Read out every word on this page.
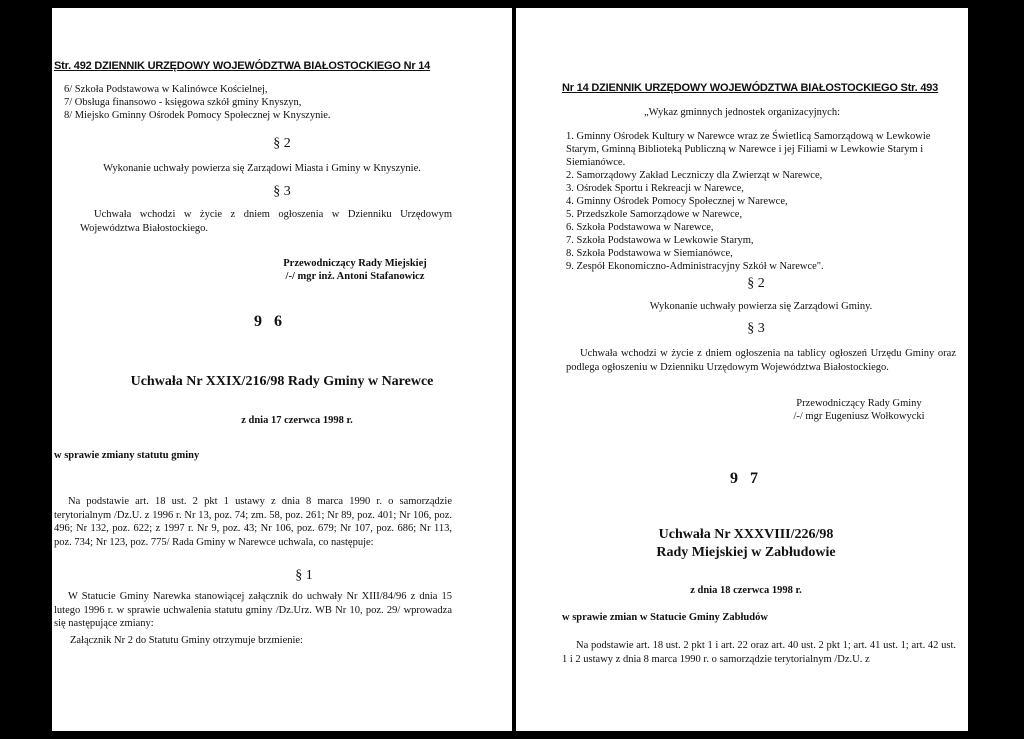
Str. 492 DZIENNIK URZĘDOWY WOJEWÓDZTWA BIAŁOSTOCKIEGO Nr 14
6/ Szkoła Podstawowa w Kalinówce Kościelnej,
7/ Obsługa finansowo - księgowa szkół gminy Knyszyn,
8/ Miejsko Gminny Ośrodek Pomocy Społecznej w Knyszynie.
§ 2
Wykonanie uchwały powierza się Zarządowi Miasta i Gminy w Knyszynie.
§ 3
Uchwała wchodzi w życie z dniem ogłoszenia w Dzienniku Urzędowym Województwa Białostockiego.
Przewodniczący Rady Miejskiej
/-/ mgr inż. Antoni Stafanowicz
9 6
Uchwała Nr XXIX/216/98 Rady Gminy w Narewce
z dnia 17 czerwca 1998 r.
w sprawie zmiany statutu gminy
Na podstawie art. 18 ust. 2 pkt 1 ustawy z dnia 8 marca 1990 r. o samorządzie terytorialnym /Dz.U. z 1996 r. Nr 13, poz. 74; zm. 58, poz. 261; Nr 89, poz. 401; Nr 106, poz. 496; Nr 132, poz. 622; z 1997 r. Nr 9, poz. 43; Nr 106, poz. 679; Nr 107, poz. 686; Nr 113, poz. 734; Nr 123, poz. 775/ Rada Gminy w Narewce uchwala, co następuje:
§ 1
W Statucie Gminy Narewka stanowiącej załącznik do uchwały Nr XIII/84/96 z dnia 15 lutego 1996 r. w sprawie uchwalenia statutu gminy /Dz.Urz. WB Nr 10, poz. 29/ wprowadza się następujące zmiany:
Załącznik Nr 2 do Statutu Gminy otrzymuje brzmienie:
Nr 14 DZIENNIK URZĘDOWY WOJEWÓDZTWA BIAŁOSTOCKIEGO Str. 493
„Wykaz gminnych jednostek organizacyjnych:
1. Gminny Ośrodek Kultury w Narewce wraz ze Świetlicą Samorządową w Lewkowie Starym, Gminną Biblioteką Publiczną w Narewce i jej Filiami w Lewkowie Starym i Siemianówce.
2. Samorządowy Zakład Leczniczy dla Zwierząt w Narewce,
3. Ośrodek Sportu i Rekreacji w Narewce,
4. Gminny Ośrodek Pomocy Społecznej w Narewce,
5. Przedszkole Samorządowe w Narewce,
6. Szkoła Podstawowa w Narewce,
7. Szkoła Podstawowa w Lewkowie Starym,
8. Szkoła Podstawowa w Siemianówce,
9. Zespół Ekonomiczno-Administracyjny Szkół w Narewce".
§ 2
Wykonanie uchwały powierza się Zarządowi Gminy.
§ 3
Uchwała wchodzi w życie z dniem ogłoszenia na tablicy ogłoszeń Urzędu Gminy oraz podlega ogłoszeniu w Dzienniku Urzędowym Województwa Białostockiego.
Przewodniczący Rady Gminy
/-/ mgr Eugeniusz Wołkowycki
9 7
Uchwała Nr XXXVIII/226/98
Rady Miejskiej w Zabłudowie
z dnia 18 czerwca 1998 r.
w sprawie zmian w Statucie Gminy Zabłudów
Na podstawie art. 18 ust. 2 pkt 1 i art. 22 oraz art. 40 ust. 2 pkt 1; art. 41 ust. 1; art. 42 ust. 1 i 2 ustawy z dnia 8 marca 1990 r. o samorządzie terytorialnym /Dz.U. z
